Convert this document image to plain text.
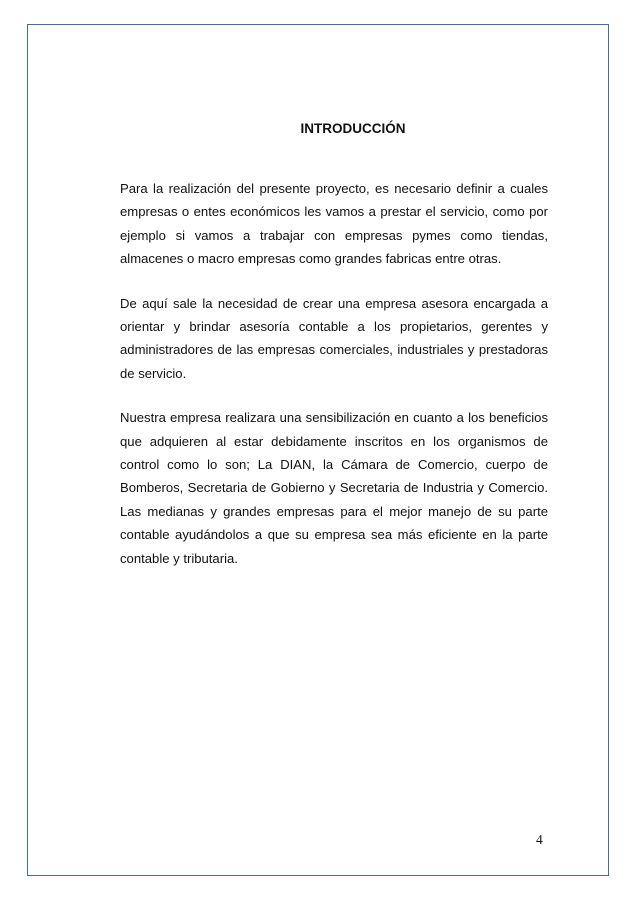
INTRODUCCIÓN

Para la realización del presente proyecto, es necesario definir a cuales empresas o entes económicos les vamos a prestar el servicio, como por ejemplo si vamos a trabajar con empresas pymes como tiendas, almacenes o macro empresas como grandes fabricas entre otras.

De aquí sale la necesidad de crear una empresa asesora encargada a orientar y brindar asesoría contable a los propietarios, gerentes y administradores de las empresas comerciales, industriales y prestadoras de servicio.

Nuestra empresa realizara una sensibilización en cuanto a los beneficios que adquieren al estar debidamente inscritos en los organismos de control como lo son; La DIAN, la Cámara de Comercio, cuerpo de Bomberos, Secretaria de Gobierno y Secretaria de Industria y Comercio. Las medianas y grandes empresas para el mejor manejo de su parte contable ayudándolos a que su empresa sea más eficiente en la parte contable y tributaria.

4
